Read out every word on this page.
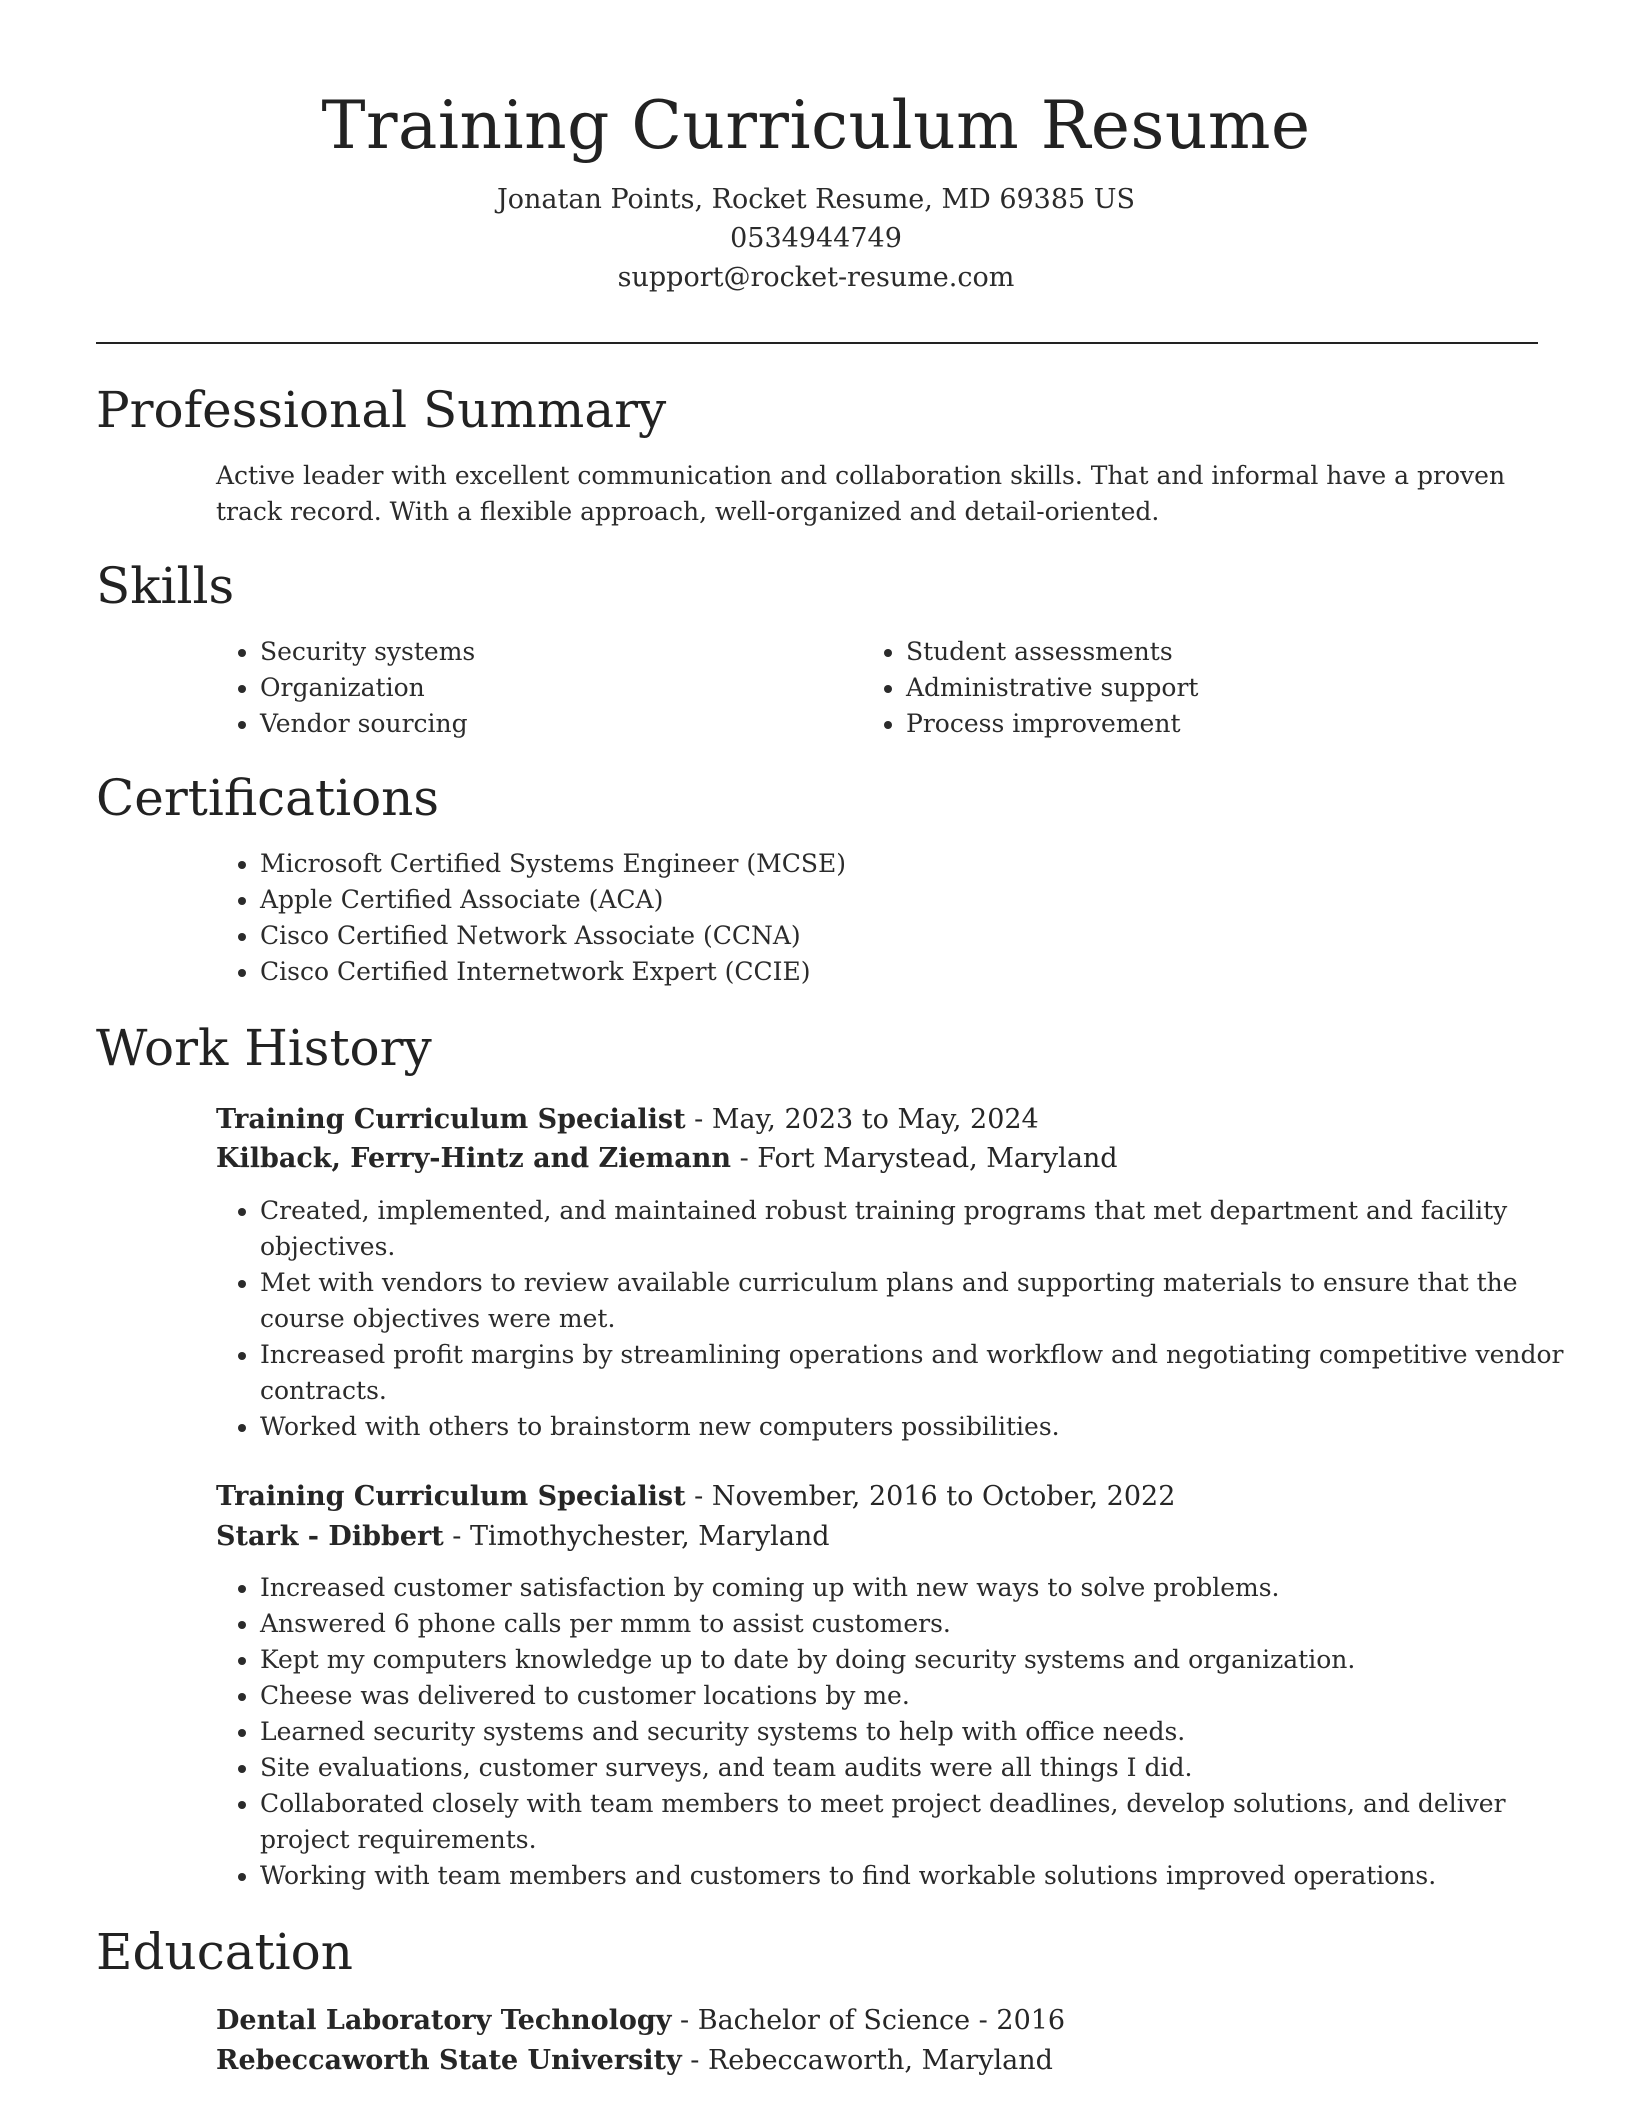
Training Curriculum Resume
Jonatan Points, Rocket Resume, MD 69385 US
0534944749
support@rocket-resume.com
Professional Summary
Active leader with excellent communication and collaboration skills. That and informal have a proven track record. With a flexible approach, well-organized and detail-oriented.
Skills
• Security systems
• Organization
• Vendor sourcing
• Student assessments
• Administrative support
• Process improvement
Certifications
• Microsoft Certified Systems Engineer (MCSE)
• Apple Certified Associate (ACA)
• Cisco Certified Network Associate (CCNA)
• Cisco Certified Internetwork Expert (CCIE)
Work History
Training Curriculum Specialist - May, 2023 to May, 2024
Kilback, Ferry-Hintz and Ziemann - Fort Marystead, Maryland
• Created, implemented, and maintained robust training programs that met department and facility objectives.
• Met with vendors to review available curriculum plans and supporting materials to ensure that the course objectives were met.
• Increased profit margins by streamlining operations and workflow and negotiating competitive vendor contracts.
• Worked with others to brainstorm new computers possibilities.
Training Curriculum Specialist - November, 2016 to October, 2022
Stark - Dibbert - Timothychester, Maryland
• Increased customer satisfaction by coming up with new ways to solve problems.
• Answered 6 phone calls per mmm to assist customers.
• Kept my computers knowledge up to date by doing security systems and organization.
• Cheese was delivered to customer locations by me.
• Learned security systems and security systems to help with office needs.
• Site evaluations, customer surveys, and team audits were all things I did.
• Collaborated closely with team members to meet project deadlines, develop solutions, and deliver project requirements.
• Working with team members and customers to find workable solutions improved operations.
Education
Dental Laboratory Technology - Bachelor of Science - 2016
Rebeccaworth State University - Rebeccaworth, Maryland
